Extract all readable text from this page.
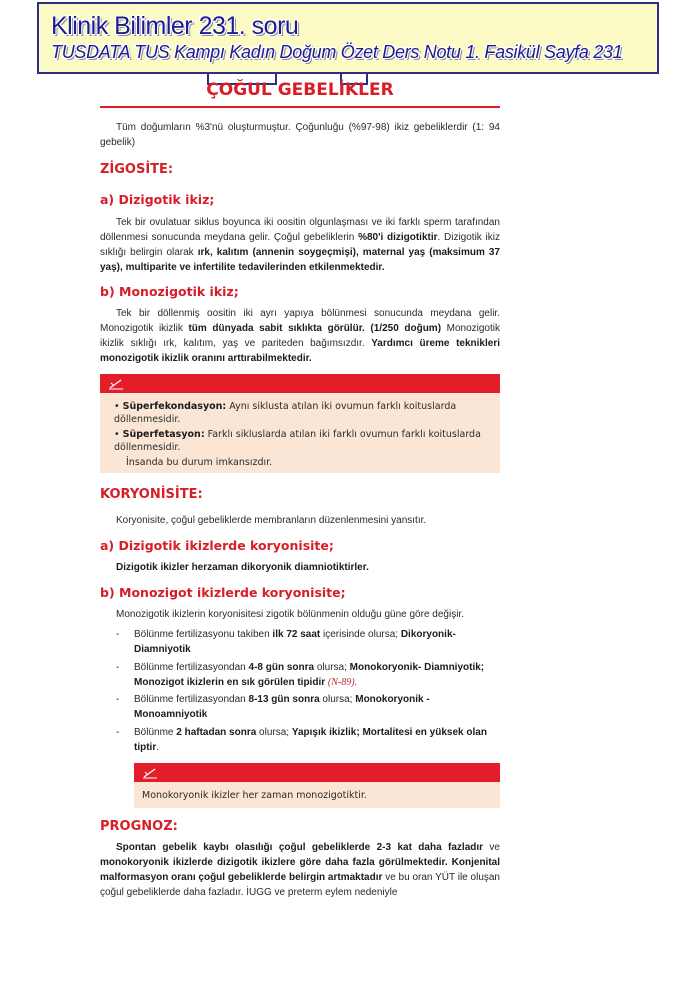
Klinik Bilimler 231. soru
TUSDATA TUS Kampı Kadın Doğum Özet Ders Notu 1. Fasikül Sayfa 231
ÇOĞUL GEBELİKLER
Tüm doğumların %3'nü oluşturmuştur. Çoğunluğu (%97-98) ikiz gebeliklerdir (1: 94 gebelik)
ZİGOSİTE:
a) Dizigotik ikiz;
Tek bir ovulatuar siklus boyunca iki oositin olgunlaşması ve iki farklı sperm tarafından döllenmesi sonucunda meydana gelir. Çoğul gebeliklerin %80'i dizigotiktir. Dizigotik ikiz sıklığı belirgin olarak ırk, kalıtım (annenin soygeçmişi), maternal yaş (maksimum 37 yaş), multiparite ve infertilite tedavilerinden etkilenmektedir.
b) Monozigotik ikiz;
Tek bir döllenmiş oositin iki ayrı yapıya bölünmesi sonucunda meydana gelir. Monozigotik ikizlik tüm dünyada sabit sıklıkta görülür. (1/250 doğum) Monozigotik ikizlik sıklığı ırk, kalıtım, yaş ve pariteden bağımsızdır. Yardımcı üreme teknikleri monozigotik ikizlik oranını arttırabilmektedir.
• Süperfekondasyon: Aynı siklusta atılan iki ovumun farklı koituslarda döllenmesidir.
• Süperfetasyon: Farklı sikluslarda atılan iki farklı ovumun farklı koituslarda döllenmesidir.
İnsanda bu durum imkansızdır.
KORYONİSİTE:
Koryonisite, çoğul gebeliklerde membranların düzenlenmesini yansıtır.
a) Dizigotik ikizlerde koryonisite;
Dizigotik ikizler herzaman dikoryonik diamniotiktirler.
b) Monozigot ikizlerde koryonisite;
Monozigotik ikizlerin koryonisitesi zigotik bölünmenin olduğu güne göre değişir.
- Bölünme fertilizasyonu takiben ilk 72 saat içerisinde olursa; Dikoryonik-Diamniyotik
- Bölünme fertilizasyondan 4-8 gün sonra olursa; Monokoryonik- Diamniyotik; Monozigot ikizlerin en sık görülen tipidir (N-89).
- Bölünme fertilizasyondan 8-13 gün sonra olursa; Monokoryonik - Monoamniyotik
- Bölünme 2 haftadan sonra olursa; Yapışık ikizlik; Mortalitesi en yüksek olan tiptir.
Monokoryonik ikizler her zaman monozigotiktir.
PROGNOZ:
Spontan gebelik kaybı olasılığı çoğul gebeliklerde 2-3 kat daha fazladır ve monokoryonik ikizlerde dizigotik ikizlere göre daha fazla görülmektedir. Konjenital malformasyon oranı çoğul gebeliklerde belirgin artmaktadır ve bu oran YÜT ile oluşan çoğul gebeliklerde daha fazladır. İUGG ve preterm eylem nedeniyle
